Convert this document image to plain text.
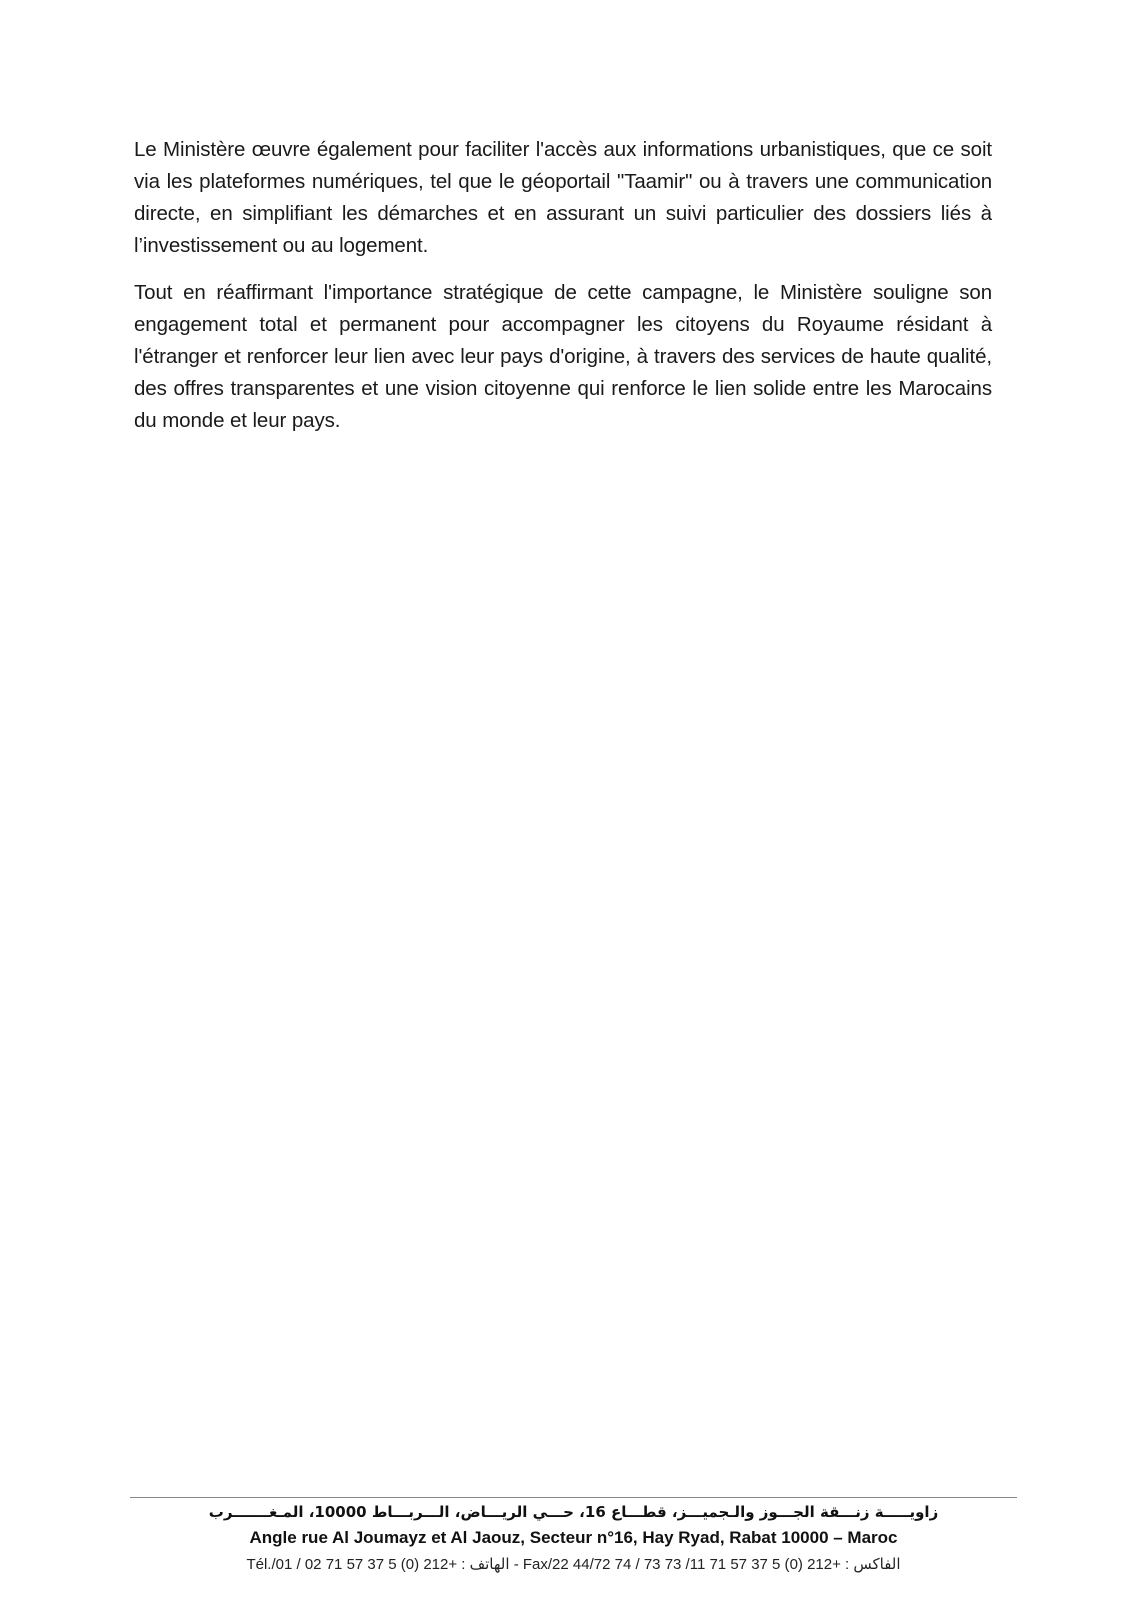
Le Ministère œuvre également pour faciliter l'accès aux informations urbanistiques, que ce soit via les plateformes numériques, tel que le géoportail "Taamir" ou à travers une communication directe, en simplifiant les démarches et en assurant un suivi particulier des dossiers liés à l’investissement ou au logement.

Tout en réaffirmant l'importance stratégique de cette campagne, le Ministère souligne son engagement total et permanent pour accompagner les citoyens du Royaume résidant à l'étranger et renforcer leur lien avec leur pays d'origine, à travers des services de haute qualité, des offres transparentes et une vision citoyenne qui renforce le lien solide entre les Marocains du monde et leur pays.

زاويـــــة زنـــقة الجـــوز والـجميـــز، قطـــاع 16، حـــي الريـــاض، الـــربـــاط 10000، المـغـــــــرب
Angle rue Al Joumayz et Al Jaouz, Secteur n°16, Hay Ryad, Rabat 10000 – Maroc
Tél./الهاتف : +212 (0) 5 37 57 71 02 / 01 - Fax/الفاكس : +212 (0) 5 37 57 71 11/ 73 73 / 74 44/72 22
